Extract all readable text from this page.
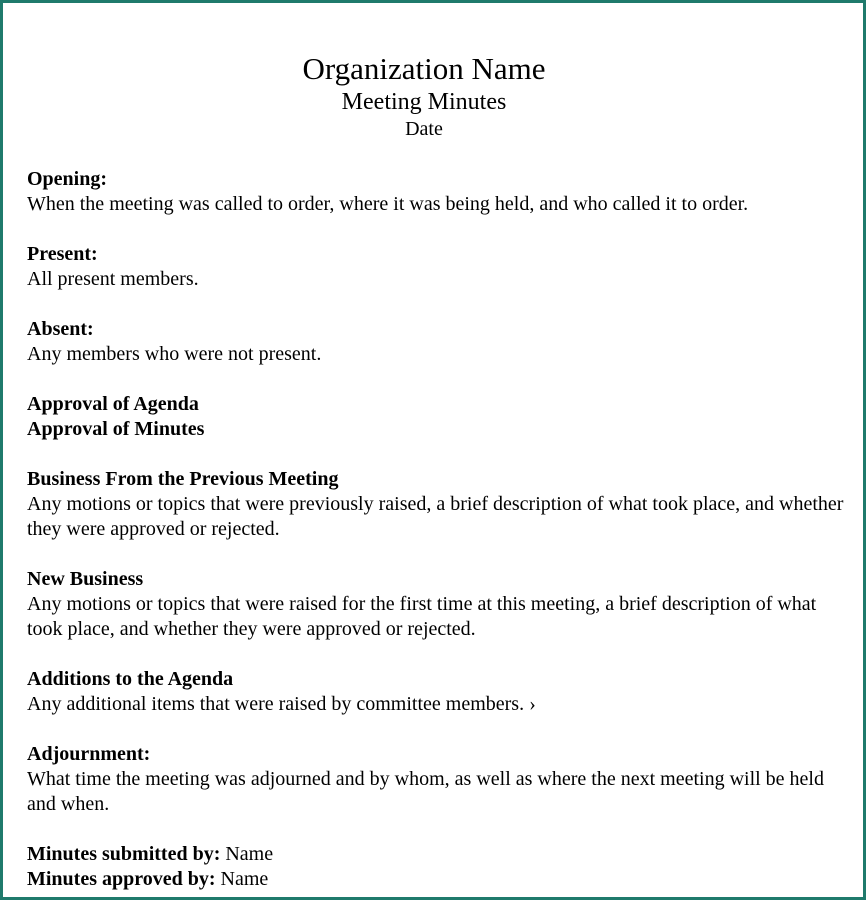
Organization Name
Meeting Minutes
Date
Opening:
When the meeting was called to order, where it was being held, and who called it to order.
Present:
All present members.
Absent:
Any members who were not present.
Approval of Agenda
Approval of Minutes
Business From the Previous Meeting
Any motions or topics that were previously raised, a brief description of what took place, and whether they were approved or rejected.
New Business
Any motions or topics that were raised for the first time at this meeting, a brief description of what took place, and whether they were approved or rejected.
Additions to the Agenda
Any additional items that were raised by committee members. ›
Adjournment:
What time the meeting was adjourned and by whom, as well as where the next meeting will be held and when.
Minutes submitted by: Name
Minutes approved by: Name
